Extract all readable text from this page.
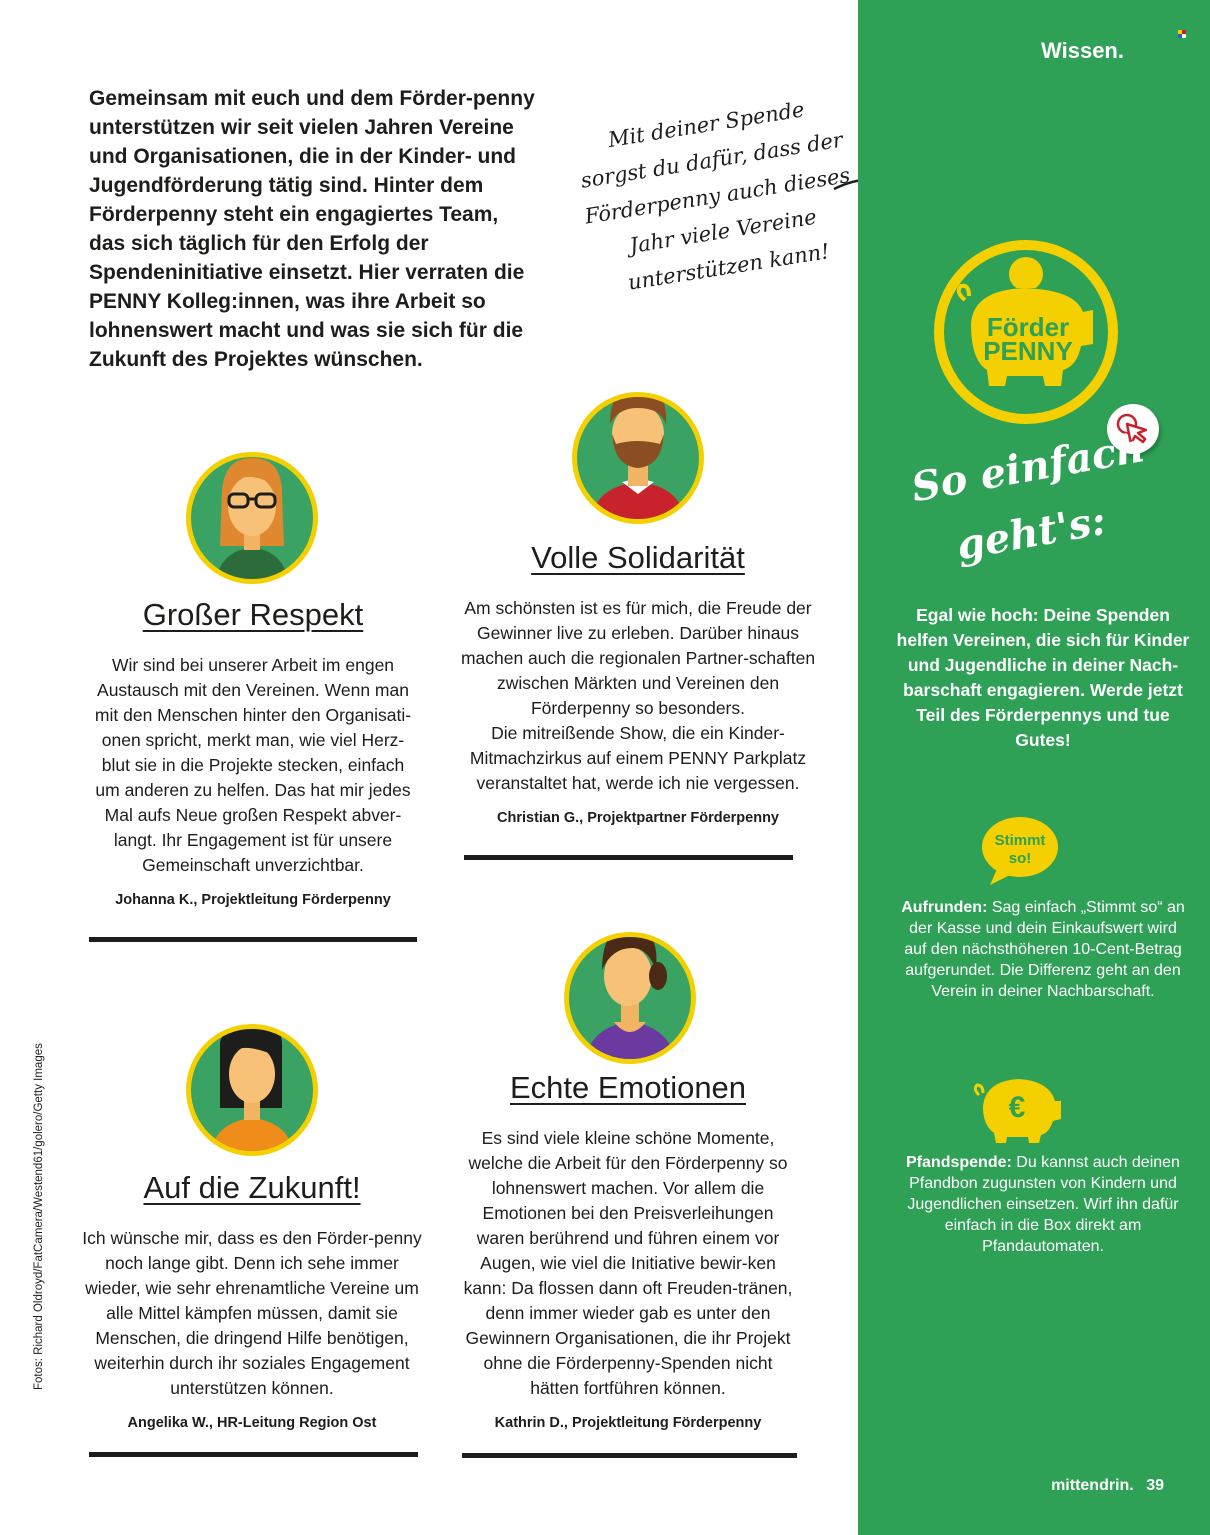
Gemeinsam mit euch und dem Förder-penny unterstützen wir seit vielen Jahren Vereine und Organisationen, die in der Kinder- und Jugendförderung tätig sind. Hinter dem Förderpenny steht ein engagiertes Team, das sich täglich für den Erfolg der Spendeninitiative einsetzt. Hier verraten die PENNY Kolleg:innen, was ihre Arbeit so lohnenswert macht und was sie sich für die Zukunft des Projektes wünschen.
Mit deiner Spende sorgst du dafür, dass der Förderpenny auch dieses Jahr viele Vereine unterstützen kann!
Großer Respekt
Wir sind bei unserer Arbeit im engen Austausch mit den Vereinen. Wenn man mit den Menschen hinter den Organisati-onen spricht, merkt man, wie viel Herz-blut sie in die Projekte stecken, einfach um anderen zu helfen. Das hat mir jedes Mal aufs Neue großen Respekt abver-langt. Ihr Engagement ist für unsere Gemeinschaft unverzichtbar.
Johanna K., Projektleitung Förderpenny
Volle Solidarität
Am schönsten ist es für mich, die Freude der Gewinner live zu erleben. Darüber hinaus machen auch die regionalen Partner-schaften zwischen Märkten und Vereinen den Förderpenny so besonders.
Die mitreißende Show, die ein Kinder-Mitmachzirkus auf einem PENNY Parkplatz veranstaltet hat, werde ich nie vergessen.
Christian G., Projektpartner Förderpenny
Auf die Zukunft!
Ich wünsche mir, dass es den Förder-penny noch lange gibt. Denn ich sehe immer wieder, wie sehr ehrenamtliche Vereine um alle Mittel kämpfen müssen, damit sie Menschen, die dringend Hilfe benötigen, weiterhin durch ihr soziales Engagement unterstützen können.
Angelika W., HR-Leitung Region Ost
Echte Emotionen
Es sind viele kleine schöne Momente, welche die Arbeit für den Förderpenny so lohnenswert machen. Vor allem die Emotionen bei den Preisverleihungen waren berührend und führen einem vor Augen, wie viel die Initiative bewir-ken kann: Da flossen dann oft Freuden-tränen, denn immer wieder gab es unter den Gewinnern Organisationen, die ihr Projekt ohne die Förderpenny-Spenden nicht hätten fortführen können.
Kathrin D., Projektleitung Förderpenny
Fotos: Richard Oldroyd/FatCamera/Westend61/golero/Getty Images
Wissen.
Förder
PENNY
So einfach
geht's:
Egal wie hoch: Deine Spenden helfen Vereinen, die sich für Kinder und Jugendliche in deiner Nach-barschaft engagieren. Werde jetzt Teil des Förderpennys und tue Gutes!
Stimmt
so!
Aufrunden: Sag einfach „Stimmt so“ an der Kasse und dein Einkaufswert wird auf den nächsthöheren 10-Cent-Betrag aufgerundet. Die Differenz geht an den Verein in deiner Nachbarschaft.
€
Pfandspende: Du kannst auch deinen Pfandbon zugunsten von Kindern und Jugendlichen einsetzen. Wirf ihn dafür einfach in die Box direkt am Pfandautomaten.
mittendrin. 39
